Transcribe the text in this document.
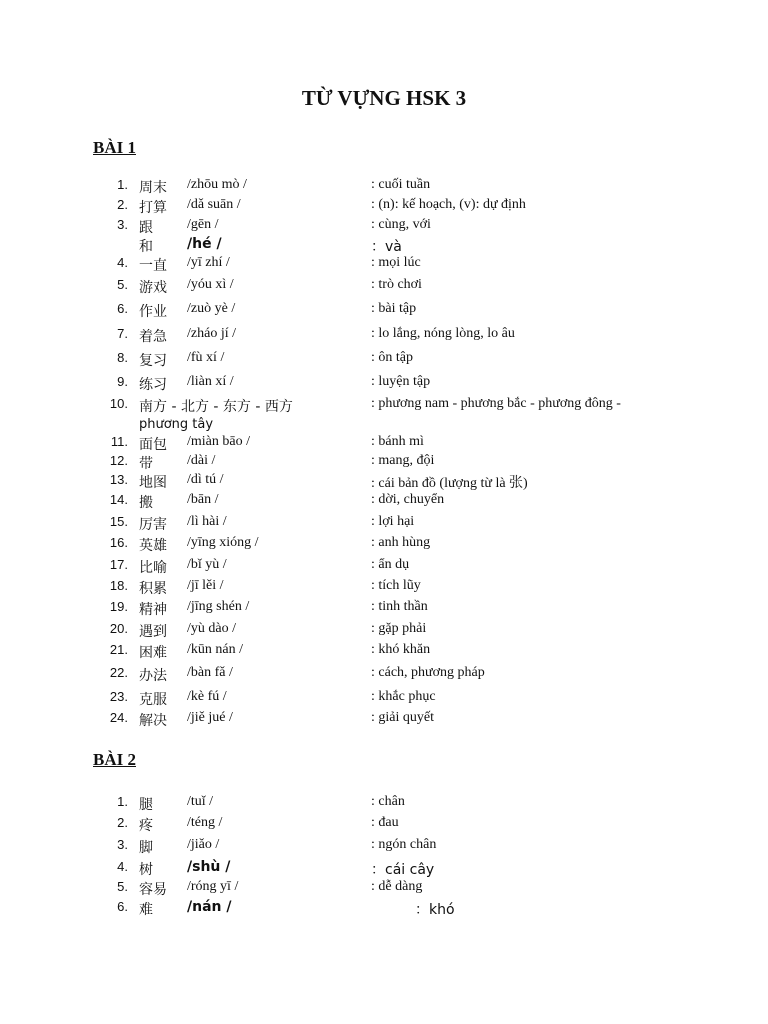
TỪ VỰNG HSK 3
BÀI 1
1. 周末 /zhōu mò /	: cuối tuần
2. 打算 /dǎ suān /	: (n): kế hoạch, (v): dự định
3. 跟 /gēn /	: cùng, với
和 /hé /	：và
4. 一直 /yī zhí /	: mọi lúc
5. 游戏 /yóu xì /	: trò chơi
6. 作业 /zuò yè /	: bài tập
7. 着急 /zháo jí /	: lo lắng, nóng lòng, lo âu
8. 复习 /fù xí /	: ôn tập
9. 练习 /liàn xí /	: luyện tập
10. 南方 - 北方 - 东方 - 西方	: phương nam - phương bắc - phương đông -
phương tây
11. 面包 /miàn bāo /	: bánh mì
12. 带 /dài /	: mang, đội
13. 地图 /dì tú /	: cái bản đồ (lượng từ là 张)
14. 搬 /bān /	: dời, chuyển
15. 厉害 /lì hài /	: lợi hại
16. 英雄 /yīng xióng /	: anh hùng
17. 比喻 /bǐ yù /	: ẩn dụ
18. 积累 /jī lěi /	: tích lũy
19. 精神 /jīng shén /	: tinh thần
20. 遇到 /yù dào /	: gặp phải
21. 困难 /kūn nán /	: khó khăn
22. 办法 /bàn fǎ /	: cách, phương pháp
23. 克服 /kè fú /	: khắc phục
24. 解决 /jiě jué /	: giải quyết
BÀI 2
1. 腿 /tuǐ /	: chân
2. 疼 /téng /	: đau
3. 脚 /jiǎo /	: ngón chân
4. 树 /shù /	：cái cây
5. 容易 /róng yī /	: dễ dàng
6. 难 /nán /	：khó
